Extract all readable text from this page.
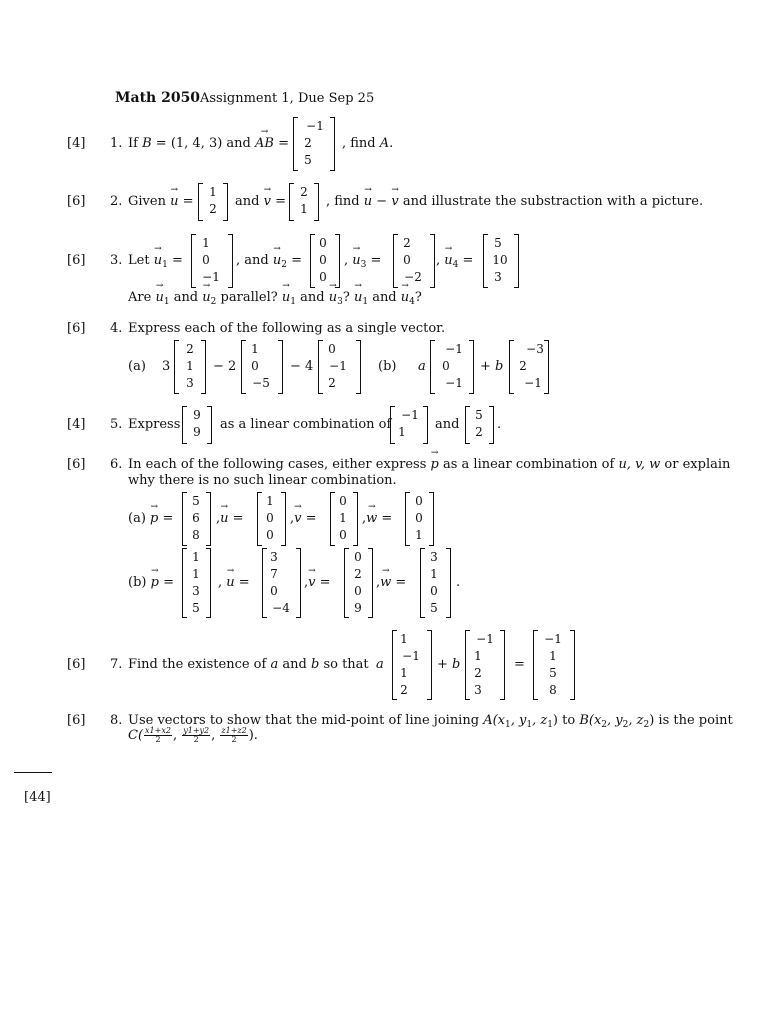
Math 2050 Assignment 1, Due Sep 25
[4] 1. If B = (1, 4, 3) and AB → =
−1
2
5
, find A.
[6] 2. Given u → =
1
2	and v → =
2
1	, find u → − v → and illustrate the substraction with a picture.
[6] 3. Let $u \to_1$ =
1
0
−1
, and $u \to_2$ =
0
0
0
, $u \to_3$ =
2
0
−2
, $u \to_4$ =
5
10
3
Are $u \to_1$ and $u \to_2$ parallel? $u \to_1$ and $u \to_3$? $u \to_1$ and $u \to_4$?
[6] 4. Express each of the following as a single vector.
(a) 3
2
1
3
− 2
1
0
−5
− 4
0
−1
2
(b) a
−1
0
−1
+ b
−3
2
−1
[4] 5. Express
9
9	as a linear combination of
−1
1	and
5
2	.
[6] 6. In each of the following cases, either express p → as a linear combination of u, v, w or explain
why there is no such linear combination.
(a) p → =
5
6
8
,u → =
1
0
0
,v → =
0
1
0
,w → =
0
0
1
(b) p → =
1
1
3
5
, u → =
3
7
0
−4
,v → =
0
2
0
9
,w → =
3
1
0
5
.
[6] 7. Find the existence of a and b so that a
1
−1
1
2
+ b
−1
1
2
3
=
−1
1
5
8
[6] 8. Use vectors to show that the mid-point of line joining $A(x_1$, $y_1$, $z_1$) to $B(x_2$, $y_2$, $z_2$) is the point
$C( \frac{x1+x2}{2}$ , $\frac{y1+y2}{2}$ , $\frac{z1+z2}{2}$ ).
[44]
